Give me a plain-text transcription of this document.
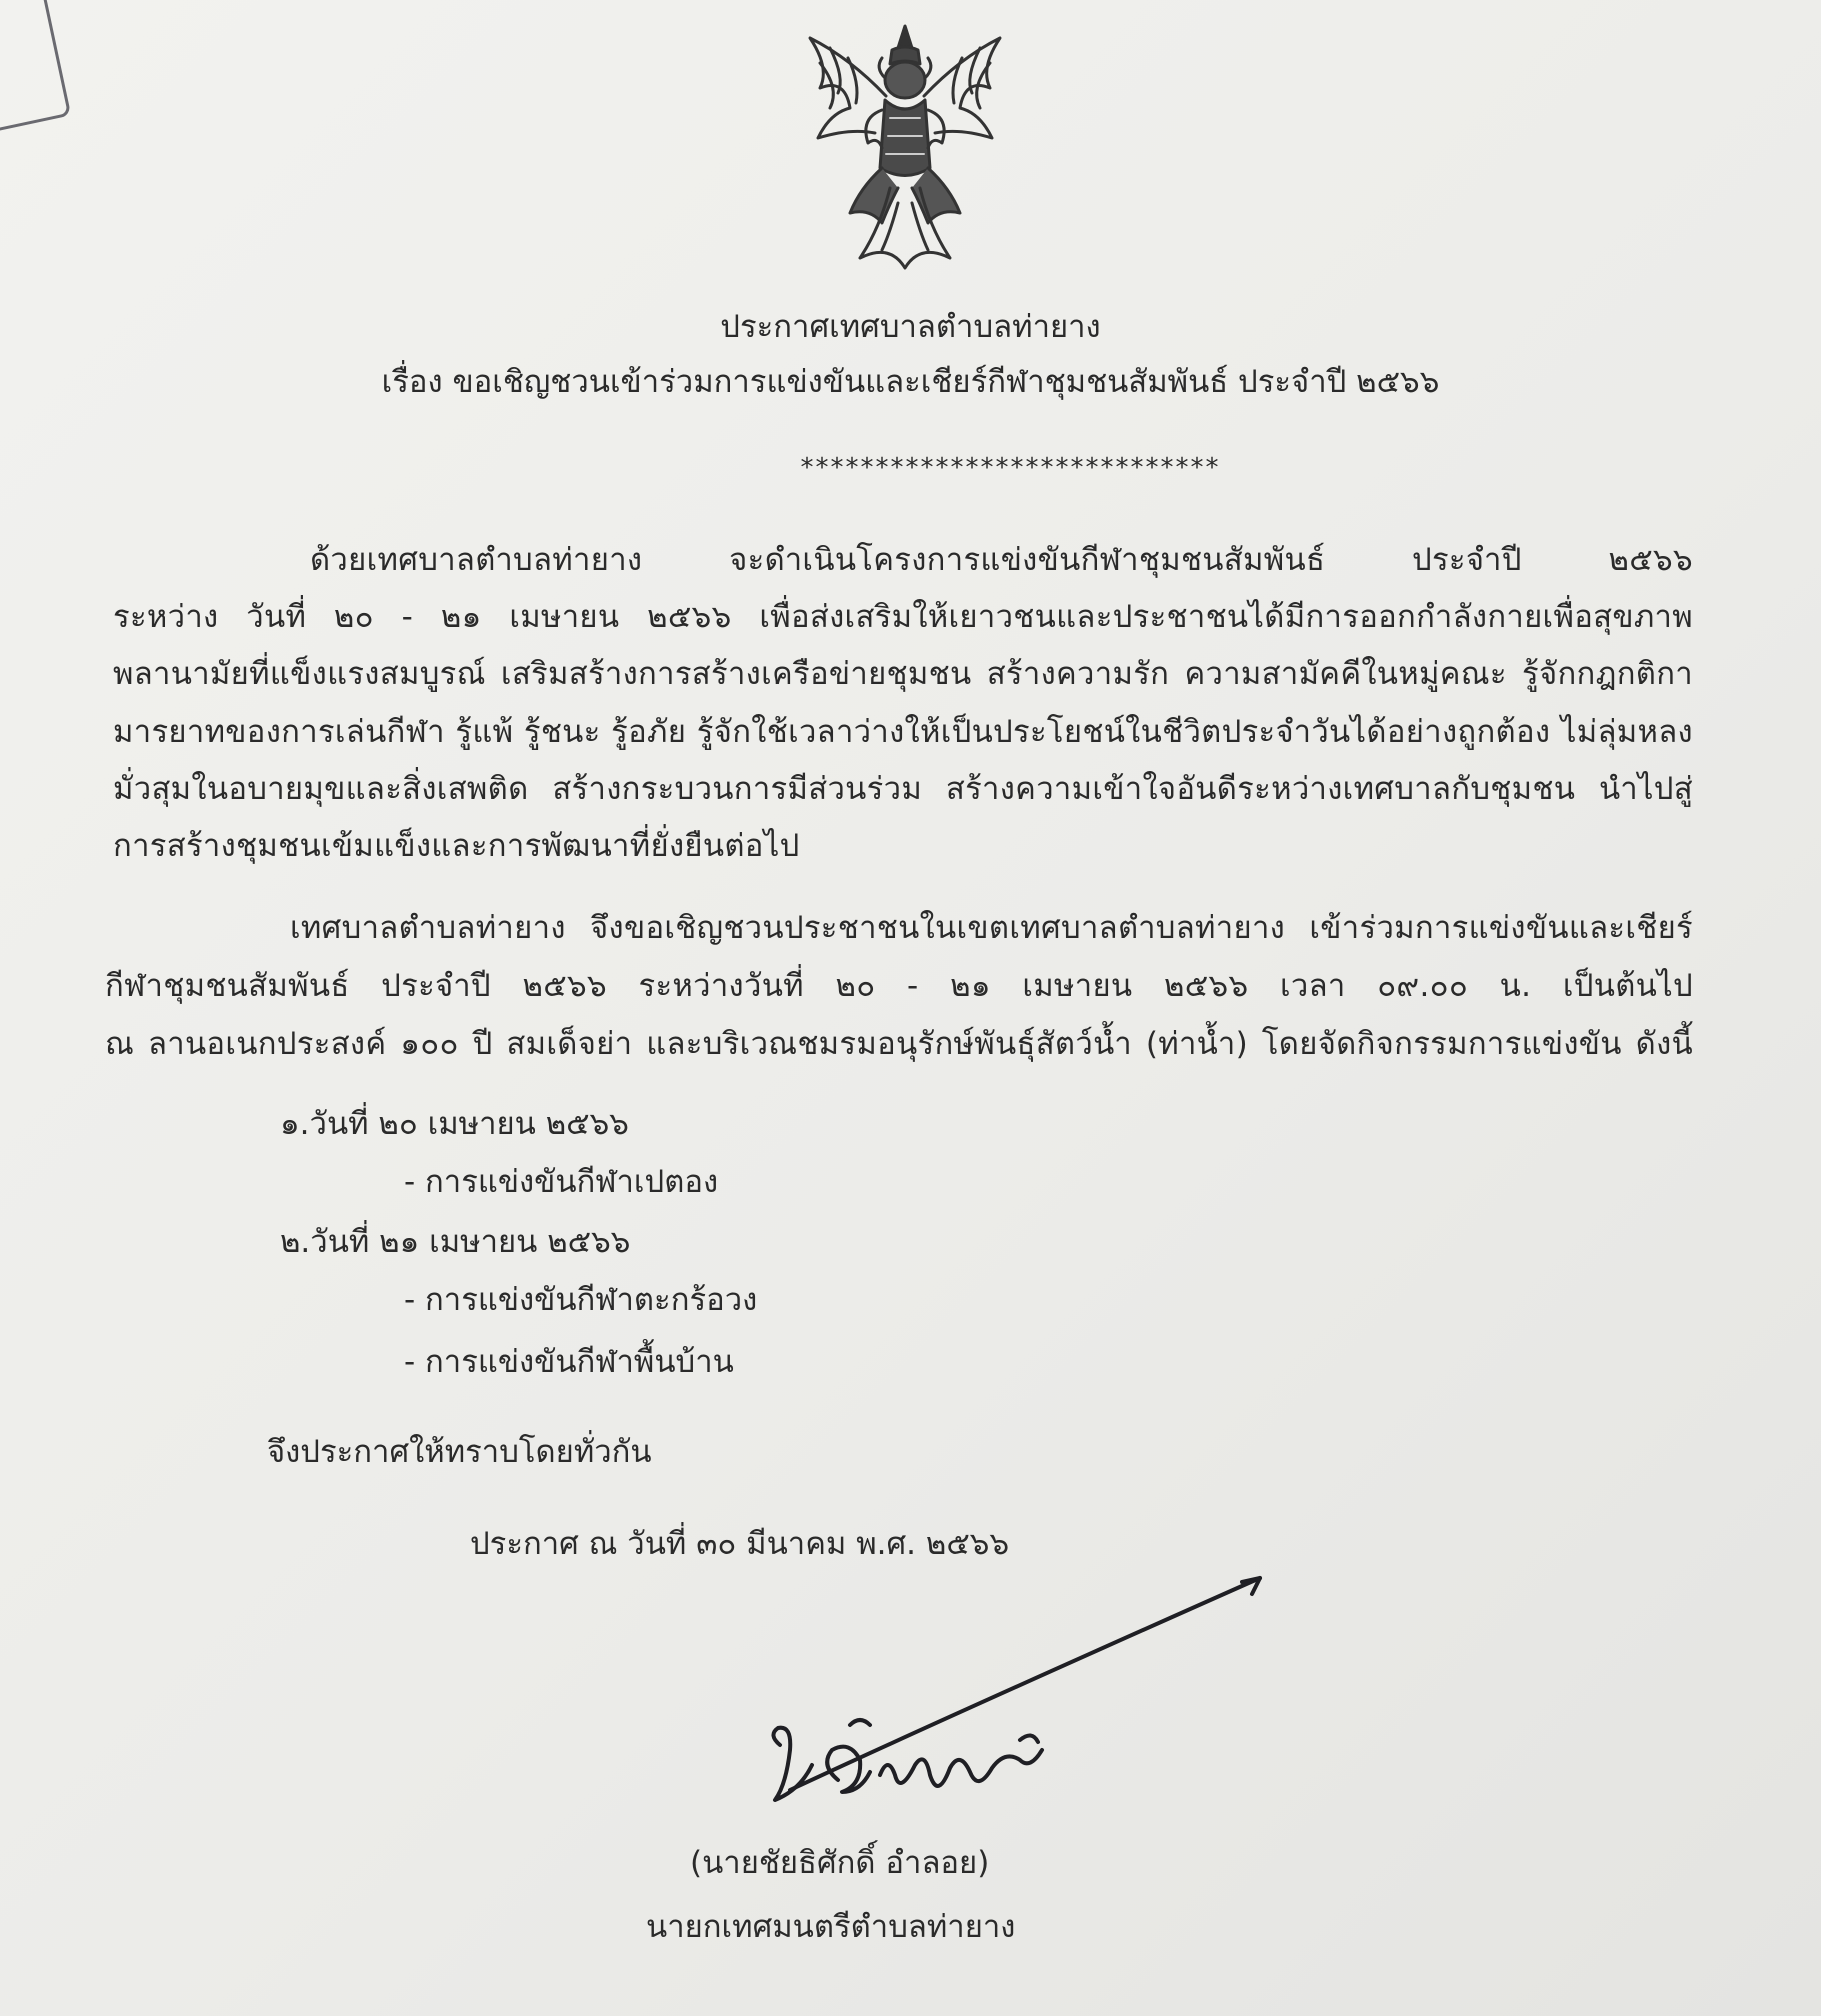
ประกาศเทศบาลตำบลท่ายาง
เรื่อง ขอเชิญชวนเข้าร่วมการแข่งขันและเชียร์กีฬาชุมชนสัมพันธ์ ประจำปี ๒๕๖๖
****************************
ด้วยเทศบาลตำบลท่ายาง จะดำเนินโครงการแข่งขันกีฬาชุมชนสัมพันธ์ ประจำปี ๒๕๖๖
ระหว่าง วันที่ ๒๐ - ๒๑ เมษายน ๒๕๖๖ เพื่อส่งเสริมให้เยาวชนและประชาชนได้มีการออกกำลังกายเพื่อสุขภาพ
พลานามัยที่แข็งแรงสมบูรณ์ เสริมสร้างการสร้างเครือข่ายชุมชน สร้างความรัก ความสามัคคีในหมู่คณะ รู้จักกฎกติกา
มารยาทของการเล่นกีฬา รู้แพ้ รู้ชนะ รู้อภัย รู้จักใช้เวลาว่างให้เป็นประโยชน์ในชีวิตประจำวันได้อย่างถูกต้อง ไม่ลุ่มหลง
มั่วสุมในอบายมุขและสิ่งเสพติด สร้างกระบวนการมีส่วนร่วม สร้างความเข้าใจอันดีระหว่างเทศบาลกับชุมชน นำไปสู่
การสร้างชุมชนเข้มแข็งและการพัฒนาที่ยั่งยืนต่อไป
เทศบาลตำบลท่ายาง จึงขอเชิญชวนประชาชนในเขตเทศบาลตำบลท่ายาง เข้าร่วมการแข่งขันและเชียร์
กีฬาชุมชนสัมพันธ์ ประจำปี ๒๕๖๖ ระหว่างวันที่ ๒๐ - ๒๑ เมษายน ๒๕๖๖ เวลา ๐๙.๐๐ น. เป็นต้นไป
ณ ลานอเนกประสงค์ ๑๐๐ ปี สมเด็จย่า และบริเวณชมรมอนุรักษ์พันธุ์สัตว์น้ำ (ท่าน้ำ) โดยจัดกิจกรรมการแข่งขัน ดังนี้
๑.วันที่ ๒๐ เมษายน ๒๕๖๖
- การแข่งขันกีฬาเปตอง
๒.วันที่ ๒๑ เมษายน ๒๕๖๖
- การแข่งขันกีฬาตะกร้อวง
- การแข่งขันกีฬาพื้นบ้าน
จึงประกาศให้ทราบโดยทั่วกัน
ประกาศ ณ วันที่ ๓๐ มีนาคม พ.ศ. ๒๕๖๖
(นายชัยธิศักดิ์ อำลอย)
นายกเทศมนตรีตำบลท่ายาง
